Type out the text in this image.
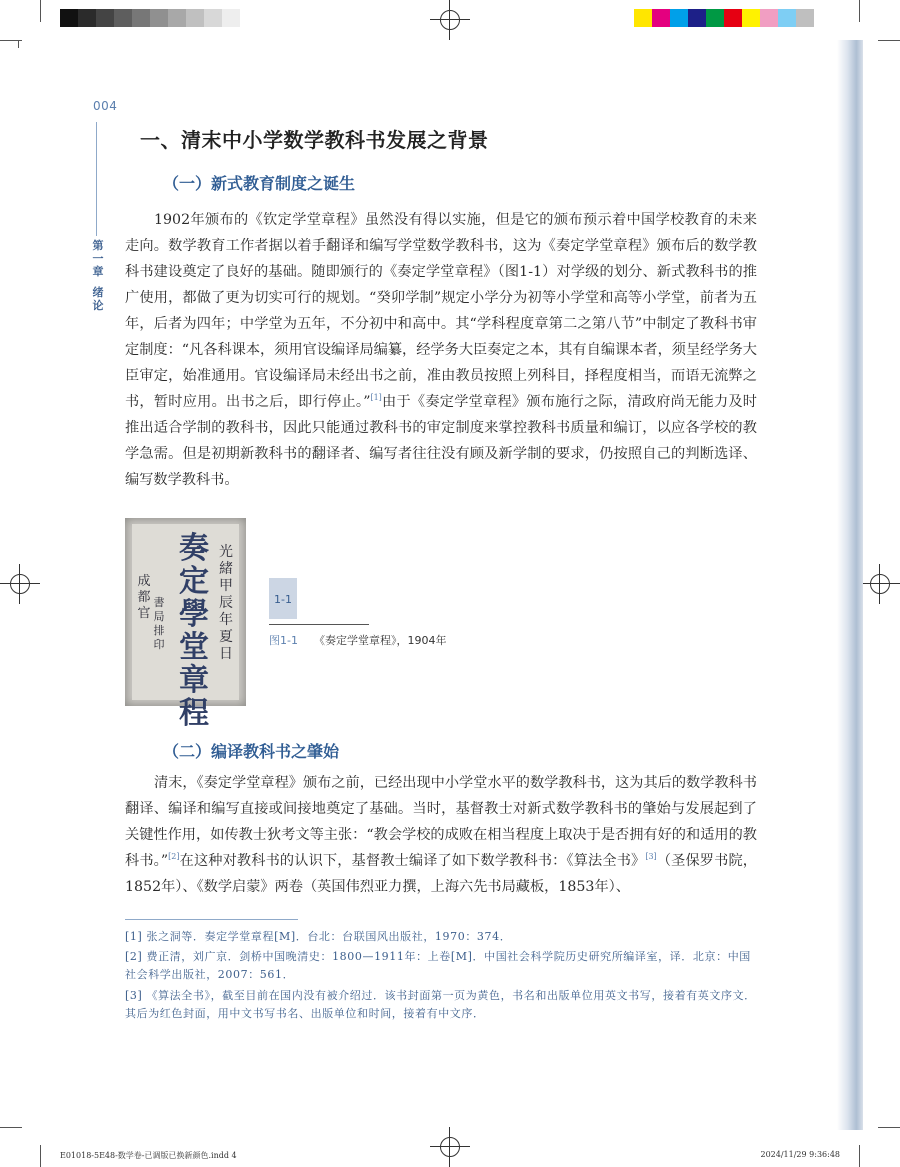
004
第
一
章
绪
论
一、清末中小学数学教科书发展之背景
（一）新式教育制度之诞生
1902年颁布的《钦定学堂章程》虽然没有得以实施，但是它的颁布预示着中国学校教育的未来走向。数学教育工作者据以着手翻译和编写学堂数学教科书，这为《奏定学堂章程》颁布后的数学教科书建设奠定了良好的基础。随即颁行的《奏定学堂章程》（图1-1）对学级的划分、新式教科书的推广使用，都做了更为切实可行的规划。“癸卯学制”规定小学分为初等小学堂和高等小学堂，前者为五年，后者为四年；中学堂为五年，不分初中和高中。其“学科程度章第二之第八节”中制定了教科书审定制度：“凡各科课本，须用官设编译局编纂，经学务大臣奏定之本，其有自编课本者，须呈经学务大臣审定，始准通用。官设编译局未经出书之前，准由教员按照上列科目，择程度相当，而语无流弊之书，暂时应用。出书之后，即行停止。”[1]由于《奏定学堂章程》颁布施行之际，清政府尚无能力及时推出适合学制的教科书，因此只能通过教科书的审定制度来掌控教科书质量和编订，以应各学校的教学急需。但是初期新教科书的翻译者、编写者往往没有顾及新学制的要求，仍按照自己的判断选译、编写数学教科书。
奏
定
學
堂
章
程
光
緒
甲
辰
年
夏
日
成
都
官
書
局
排
印
1-1
图1-1 《奏定学堂章程》，1904年
（二）编译教科书之肇始
清末，《奏定学堂章程》颁布之前，已经出现中小学堂水平的数学教科书，这为其后的数学教科书翻译、编译和编写直接或间接地奠定了基础。当时，基督教士对新式数学教科书的肇始与发展起到了关键性作用，如传教士狄考文等主张：“教会学校的成败在相当程度上取决于是否拥有好的和适用的教科书。”[2]在这种对教科书的认识下，基督教士编译了如下数学教科书：《算法全书》[3]（圣保罗书院，1852年）、《数学启蒙》两卷（英国伟烈亚力撰，上海六先书局藏板，1853年）、
[1] 张之洞等．奏定学堂章程[M]．台北：台联国风出版社，1970：374．
[2] 费正清，刘广京．剑桥中国晚清史：1800—1911年：上卷[M]．中国社会科学院历史研究所编译室，译．北京：中国社会科学出版社，2007：561．
[3] 《算法全书》，截至目前在国内没有被介绍过．该书封面第一页为黄色，书名和出版单位用英文书写，接着有英文序文．其后为红色封面，用中文书写书名、出版单位和时间，接着有中文序．
E01018-5E48-数学卷-已调版已换新颜色.indd 4	2024/11/29 9:36:48
